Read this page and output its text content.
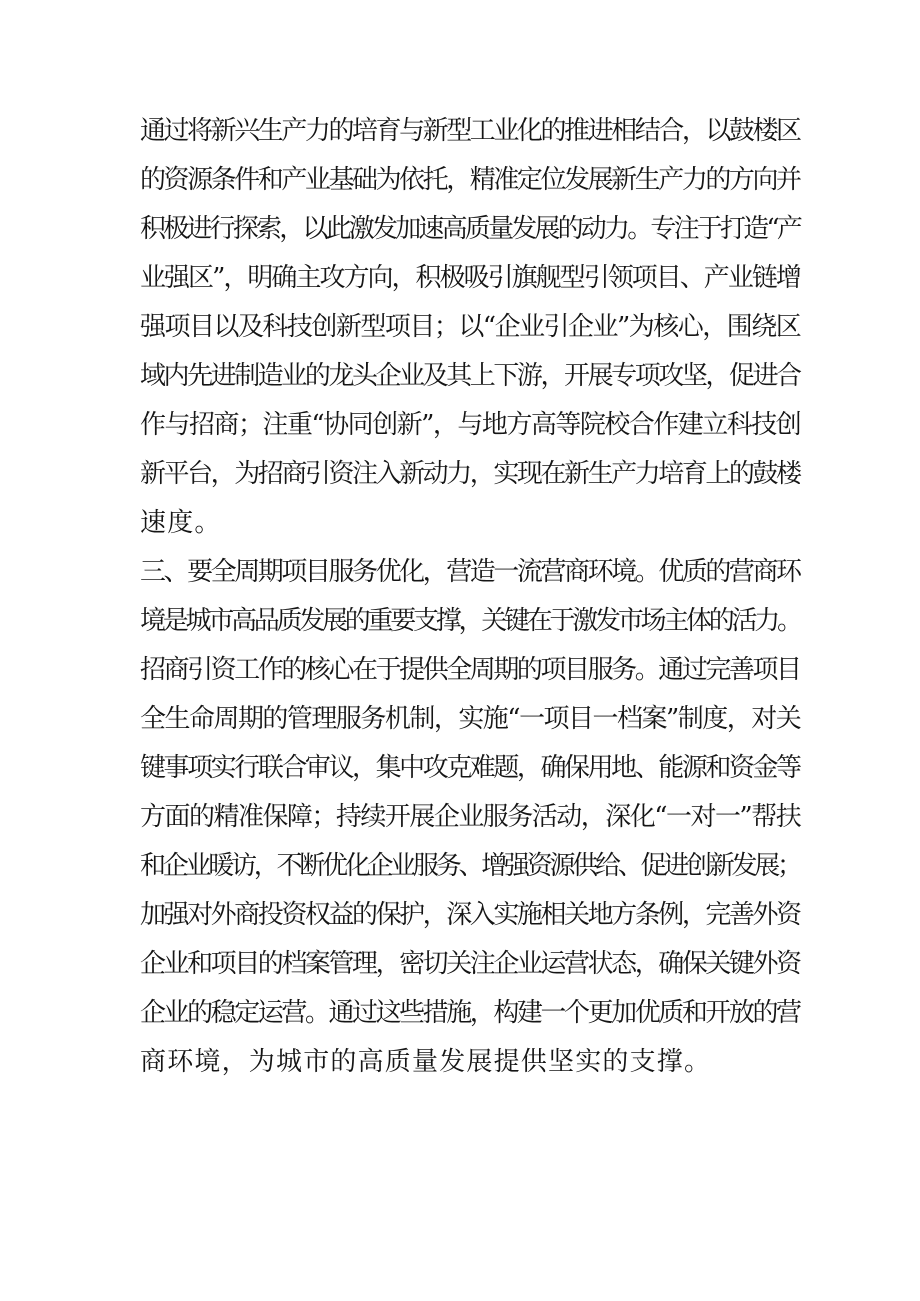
通过将新兴生产力的培育与新型工业化的推进相结合，以鼓楼区

的资源条件和产业基础为依托，精准定位发展新生产力的方向并

积极进行探索，以此激发加速高质量发展的动力。专注于打造“产

业强区”，明确主攻方向，积极吸引旗舰型引领项目、产业链增

强项目以及科技创新型项目；以“企业引企业”为核心，围绕区

域内先进制造业的龙头企业及其上下游，开展专项攻坚，促进合

作与招商；注重“协同创新”，与地方高等院校合作建立科技创

新平台，为招商引资注入新动力，实现在新生产力培育上的鼓楼

速度。

三、要全周期项目服务优化，营造一流营商环境。优质的营商环

境是城市高品质发展的重要支撑，关键在于激发市场主体的活力。

招商引资工作的核心在于提供全周期的项目服务。通过完善项目

全生命周期的管理服务机制，实施“一项目一档案”制度，对关

键事项实行联合审议，集中攻克难题，确保用地、能源和资金等

方面的精准保障；持续开展企业服务活动，深化“一对一”帮扶

和企业暖访，不断优化企业服务、增强资源供给、促进创新发展；

加强对外商投资权益的保护，深入实施相关地方条例，完善外资

企业和项目的档案管理，密切关注企业运营状态，确保关键外资

企业的稳定运营。通过这些措施，构建一个更加优质和开放的营

商环境，为城市的高质量发展提供坚实的支撑。
